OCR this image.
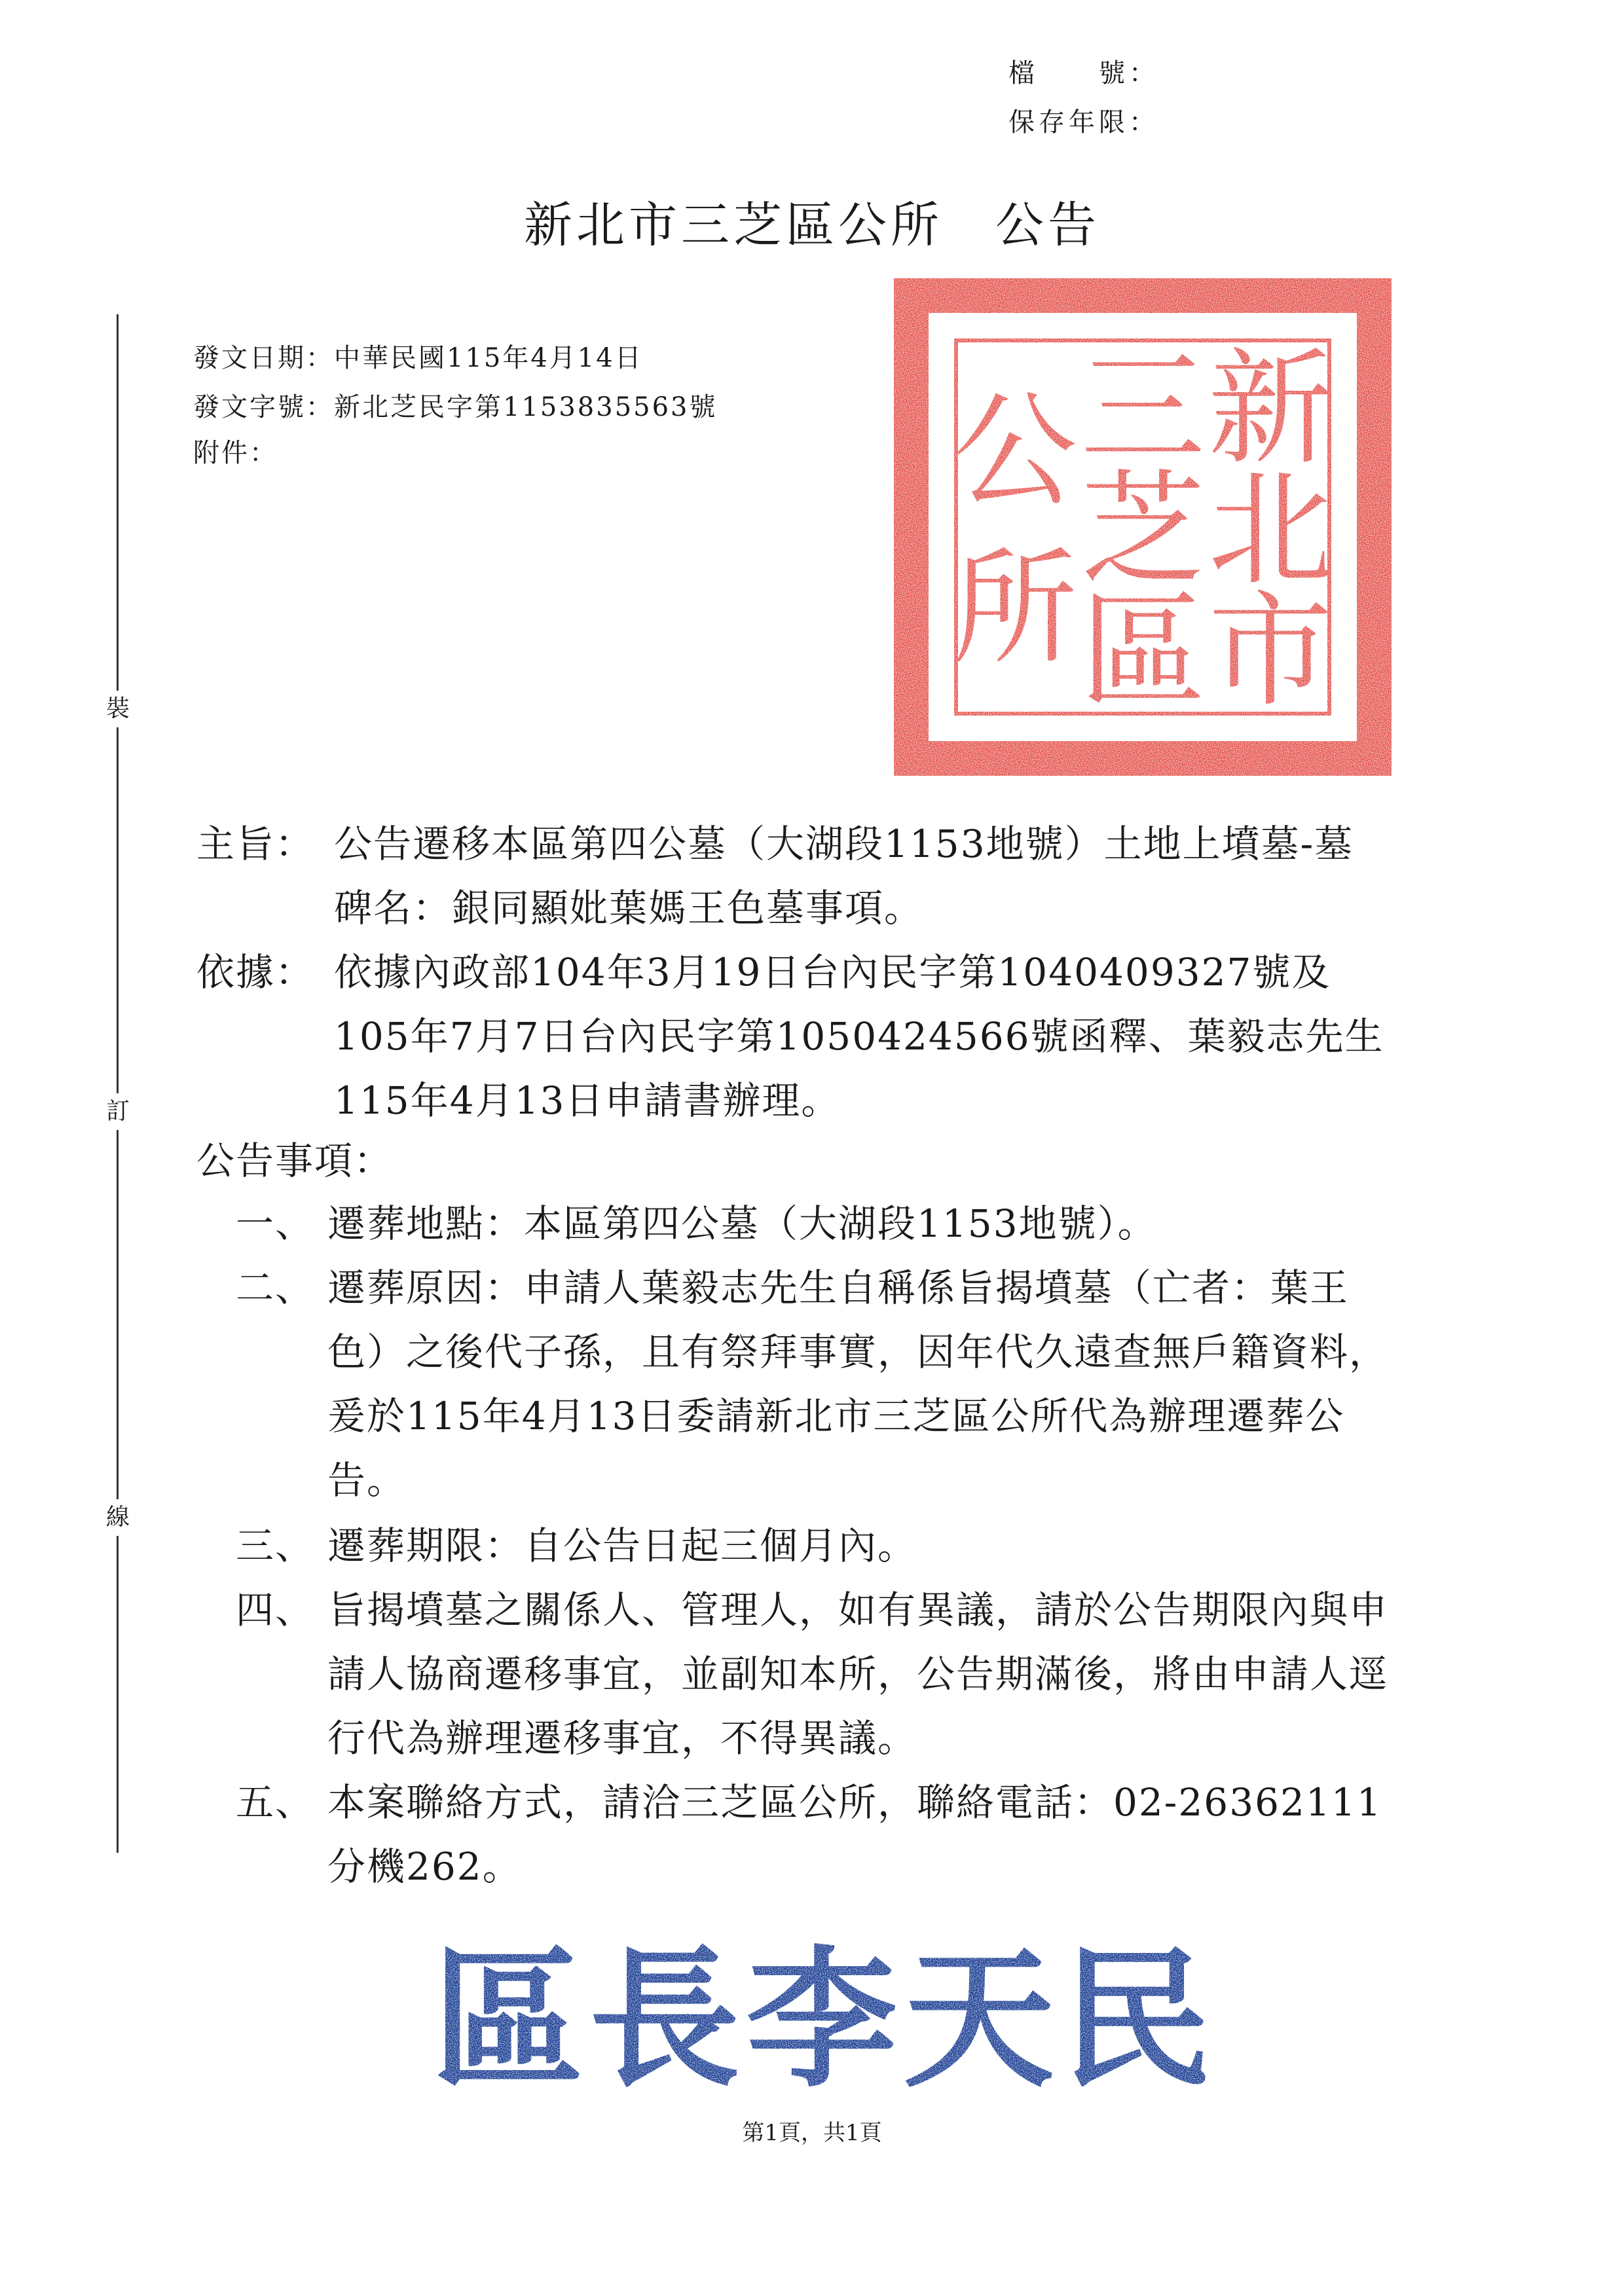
檔　　號：
保存年限：
新北市三芝區公所　公告
裝
訂
線
發文日期：中華民國115年4月14日
發文字號：新北芝民字第1153835563號
附件：	新
北
市
三
芝
區
公
所
主旨： 公告遷移本區第四公墓（大湖段1153地號）土地上墳墓-墓碑名：銀同顯妣葉媽王色墓事項。
依據： 依據內政部104年3月19日台內民字第1040409327號及105年7月7日台內民字第1050424566號函釋、葉毅志先生115年4月13日申請書辦理。
公告事項：
一、 遷葬地點：本區第四公墓（大湖段1153地號）。
二、 遷葬原因：申請人葉毅志先生自稱係旨揭墳墓（亡者：葉王色）之後代子孫，且有祭拜事實，因年代久遠查無戶籍資料，爰於115年4月13日委請新北市三芝區公所代為辦理遷葬公告。
三、 遷葬期限：自公告日起三個月內。
四、 旨揭墳墓之關係人、管理人，如有異議，請於公告期限內與申請人協商遷移事宜，並副知本所，公告期滿後，將由申請人逕行代為辦理遷移事宜，不得異議。
五、 本案聯絡方式，請洽三芝區公所，聯絡電話：02-26362111分機262。
區長李天民
第1頁，共1頁
